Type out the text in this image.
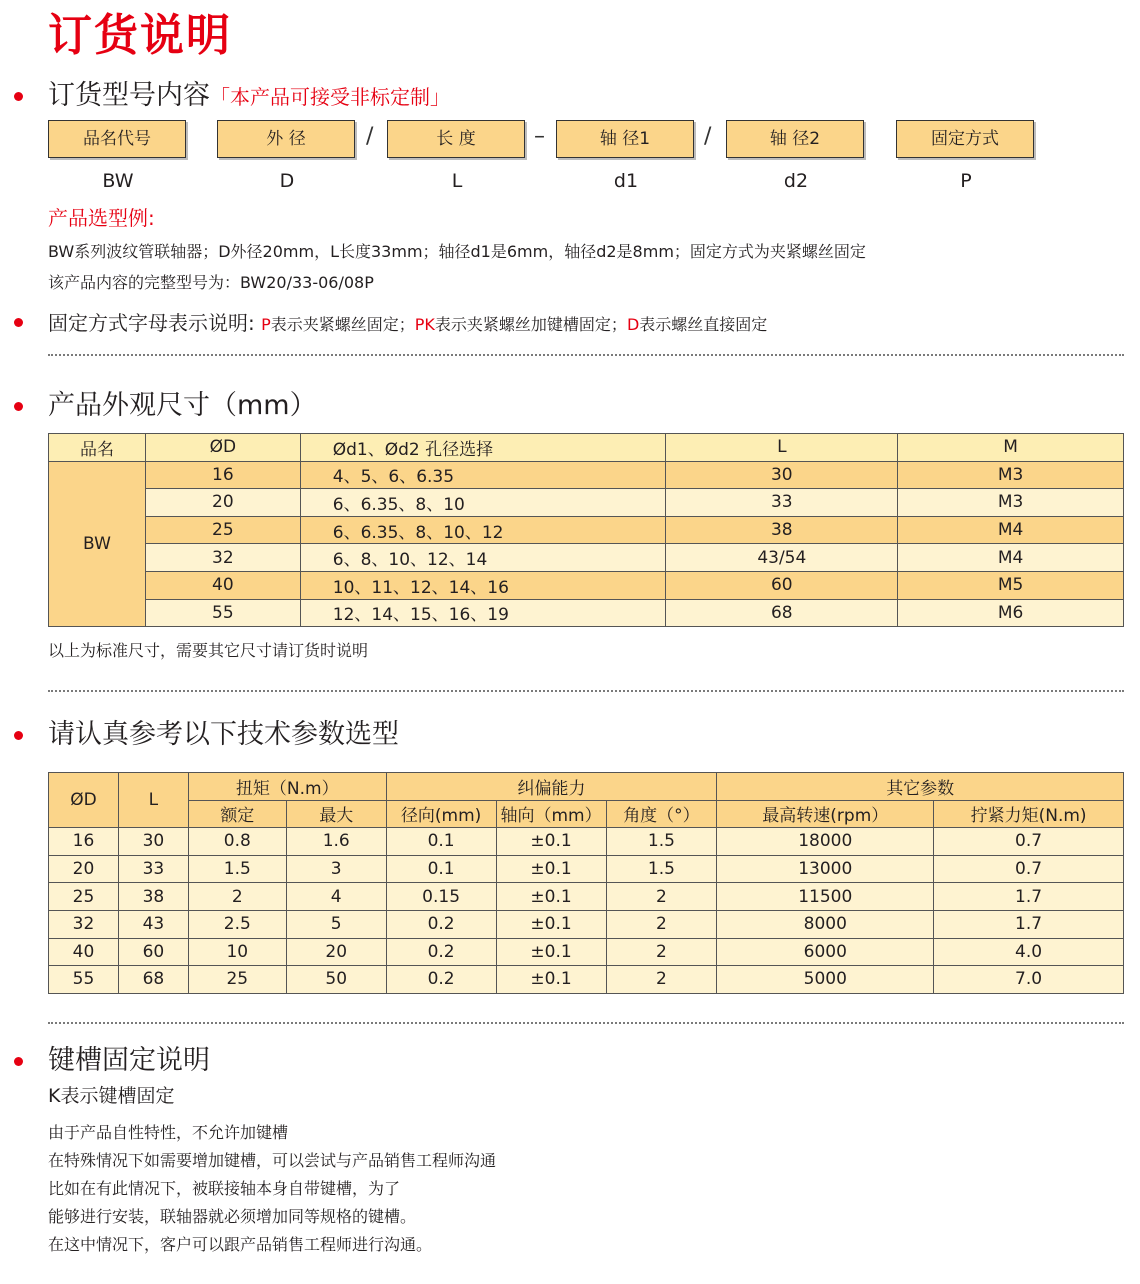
订货说明
订货型号内容「本产品可接受非标定制」
品名代号	外 径	/	长 度	–	轴 径1	/	轴 径2	固定方式
BW	D	L	d1	d2	P
产品选型例:
BW系列波纹管联轴器；D外径20mm，L长度33mm；轴径d1是6mm，轴径d2是8mm；固定方式为夹紧螺丝固定
该产品内容的完整型号为：BW20/33-06/08P
固定方式字母表示说明: P表示夹紧螺丝固定；PK表示夹紧螺丝加键槽固定；D表示螺丝直接固定
产品外观尺寸（mm）
品名	ØD	Ød1、Ød2 孔径选择	L	M
BW	16	4、5、6、6.35	30	M3
	20	6、6.35、8、10	33	M3
	25	6、6.35、8、10、12	38	M4
	32	6、8、10、12、14	43/54	M4
	40	10、11、12、14、16	60	M5
	55	12、14、15、16、19	68	M6
以上为标准尺寸，需要其它尺寸请订货时说明
请认真参考以下技术参数选型
ØD	L	扭矩（N.m）		纠偏能力			其它参数	
		额定	最大	径向(mm)	轴向（mm）	角度（°）	最高转速(rpm）	拧紧力矩(N.m)
16	30	0.8	1.6	0.1	±0.1	1.5	18000	0.7
20	33	1.5	3	0.1	±0.1	1.5	13000	0.7
25	38	2	4	0.15	±0.1	2	11500	1.7
32	43	2.5	5	0.2	±0.1	2	8000	1.7
40	60	10	20	0.2	±0.1	2	6000	4.0
55	68	25	50	0.2	±0.1	2	5000	7.0
键槽固定说明
K表示键槽固定
由于产品自性特性，不允许加键槽
在特殊情况下如需要增加键槽，可以尝试与产品销售工程师沟通
比如在有此情况下，被联接轴本身自带键槽，为了
能够进行安装，联轴器就必须增加同等规格的键槽。
在这中情况下，客户可以跟产品销售工程师进行沟通。
